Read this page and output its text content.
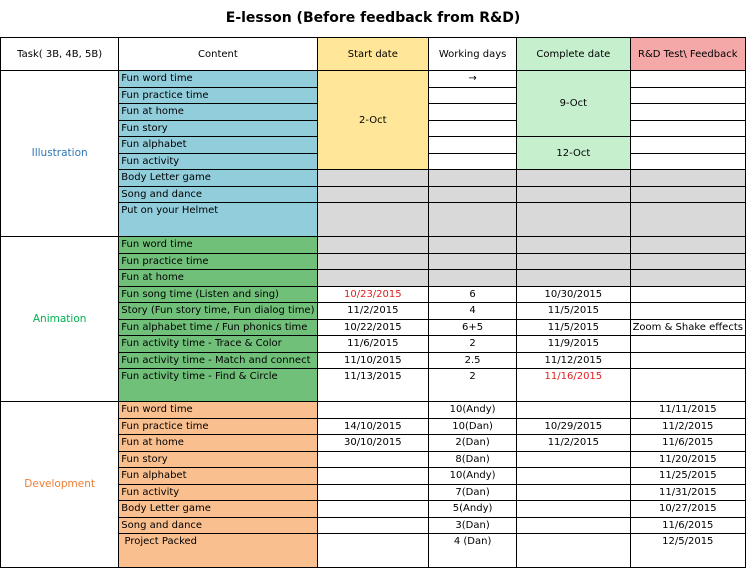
E-lesson (Before feedback from R&D)
Task( 3B, 4B, 5B)	Content	Start date	Working days	Complete date	R&D Test\ Feedback
Illustration	Fun word time	2-Oct	→	9-Oct	
	Fun practice time				
	Fun at home				
	Fun story				
	Fun alphabet			12-Oct	
	Fun activity				
	Body Letter game				
	Song and dance				
	Put on your Helmet				
Animation	Fun word time				
	Fun practice time				
	Fun at home				
	Fun song time (Listen and sing)	10/23/2015	6	10/30/2015	
	Story (Fun story time, Fun dialog time)	11/2/2015	4	11/5/2015	
	Fun alphabet time / Fun phonics time	10/22/2015	6+5	11/5/2015	Zoom & Shake effects
	Fun activity time - Trace & Color	11/6/2015	2	11/9/2015	
	Fun activity time - Match and connect	11/10/2015	2.5	11/12/2015	
	Fun activity time - Find & Circle	11/13/2015	2	11/16/2015	
Development	Fun word time		10(Andy)		11/11/2015
	Fun practice time	14/10/2015	10(Dan)	10/29/2015	11/2/2015
	Fun at home	30/10/2015	2(Dan)	11/2/2015	11/6/2015
	Fun story		8(Dan)		11/20/2015
	Fun alphabet		10(Andy)		11/25/2015
	Fun activity		7(Dan)		11/31/2015
	Body Letter game		5(Andy)		10/27/2015
	Song and dance		3(Dan)		11/6/2015
	Project Packed		4 (Dan)		12/5/2015
